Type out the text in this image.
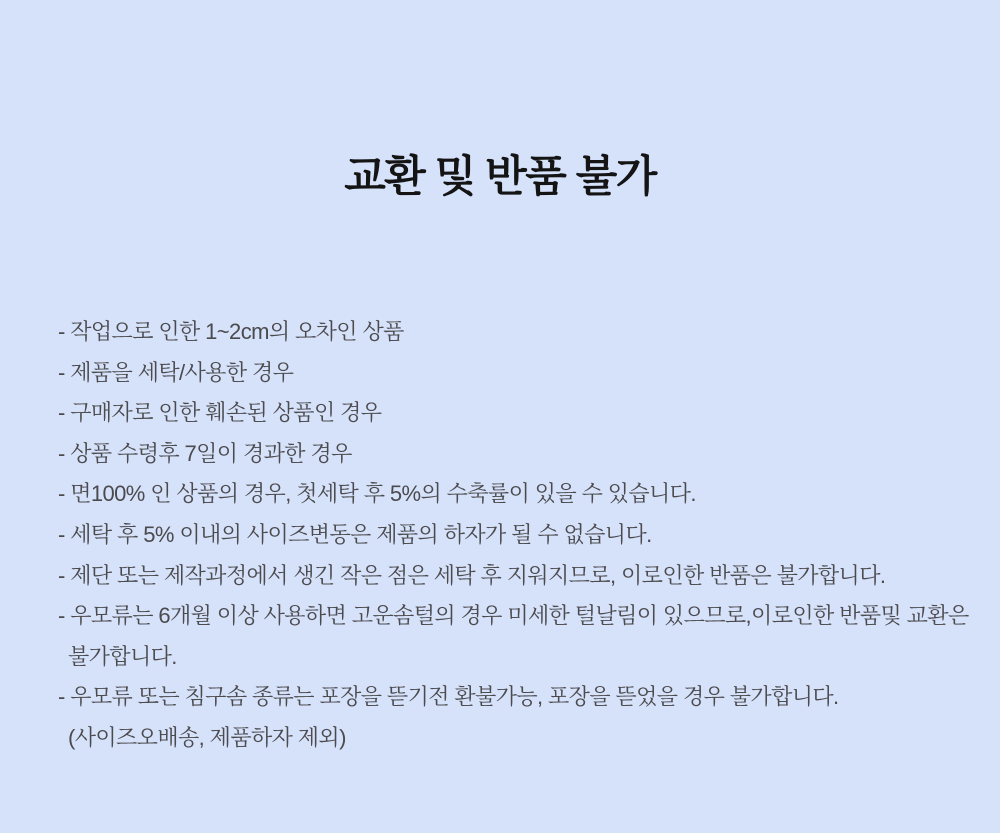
교환 및 반품 불가
- 작업으로 인한 1~2cm의 오차인 상품
- 제품을 세탁/사용한 경우
- 구매자로 인한 훼손된 상품인 경우
- 상품 수령후 7일이 경과한 경우
- 면100% 인 상품의 경우, 첫세탁 후 5%의 수축률이 있을 수 있습니다.
- 세탁 후 5% 이내의 사이즈변동은 제품의 하자가 될 수 없습니다.
- 제단 또는 제작과정에서 생긴 작은 점은 세탁 후 지워지므로, 이로인한 반품은 불가합니다.
- 우모류는 6개월 이상 사용하면 고운솜털의 경우 미세한 털날림이 있으므로,이로인한 반품및 교환은
불가합니다.
- 우모류 또는 침구솜 종류는 포장을 뜯기전 환불가능, 포장을 뜯었을 경우 불가합니다.
(사이즈오배송, 제품하자 제외)
